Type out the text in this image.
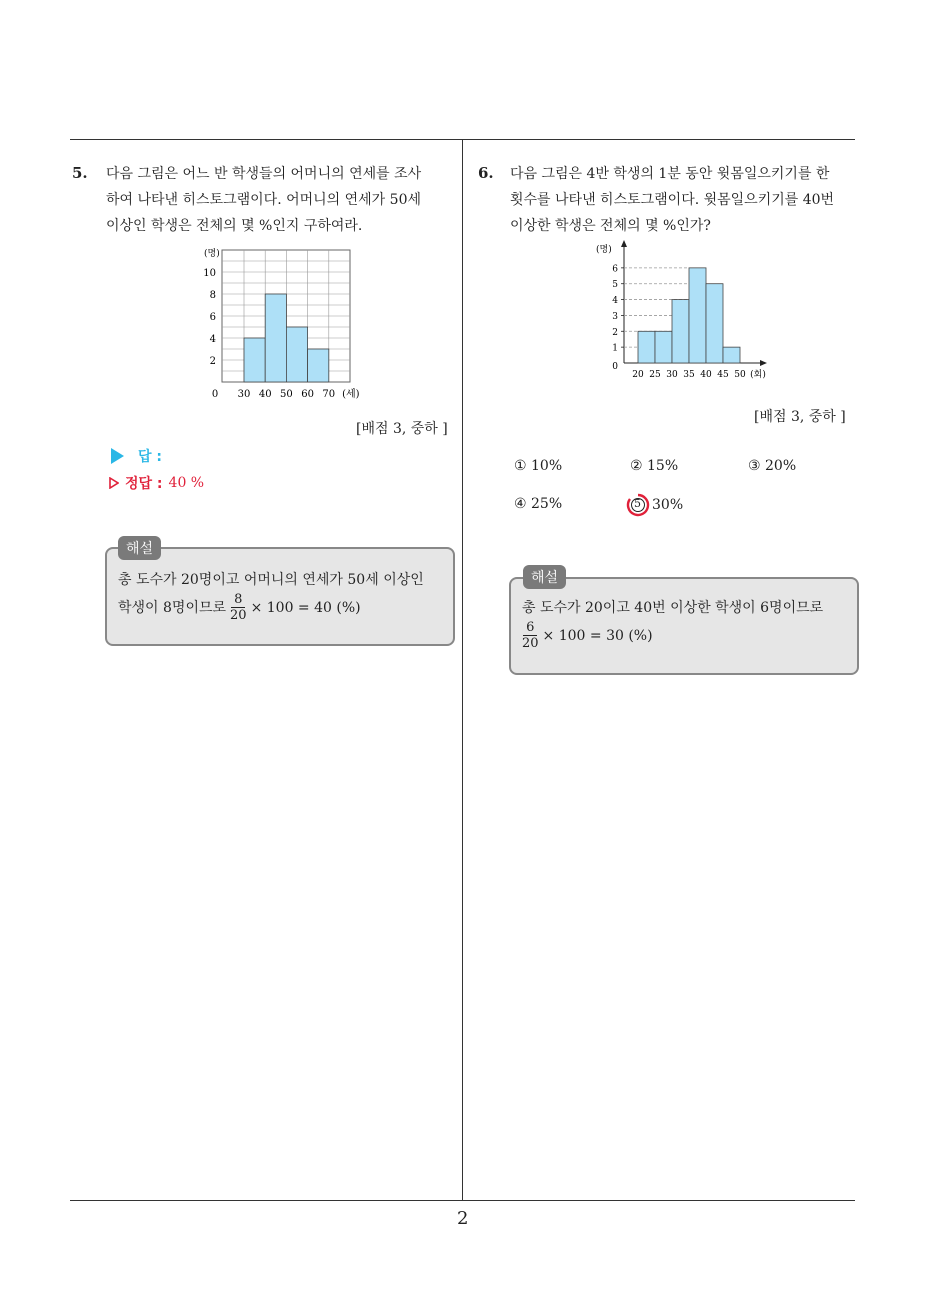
2
5. 다음 그림은 어느 반 학생들의 어머니의 연세를 조사
하여 나타낸 히스토그램이다. 어머니의 연세가 50세
이상인 학생은 전체의 몇 %인지 구하여라.
(명)
2
4
6
8
10
0 30 40 50 60 70 (세)
[배점 3, 중하 ]
답 :
정답 : 40 %
해설
총 도수가 20명이고 어머니의 연세가 50세 이상인
학생이 8명이므로 $\frac{8}{20} \times 100 = 40$ (%)
6. 다음 그림은 4반 학생의 1분 동안 윗몸일으키기를 한
횟수를 나타낸 히스토그램이다. 윗몸일으키기를 40번
이상한 학생은 전체의 몇 %인가?
1
2
3
4
5
6
0
(명)
20 25 30 35 40 45 50 (회)
[배점 3, 중하 ]
① 10%	② 15%	③ 20%
④ 25%	5 30%
해설
총 도수가 20이고 40번 이상한 학생이 6명이므로
$\frac{6}{20} \times 100 = 30$ (%)
